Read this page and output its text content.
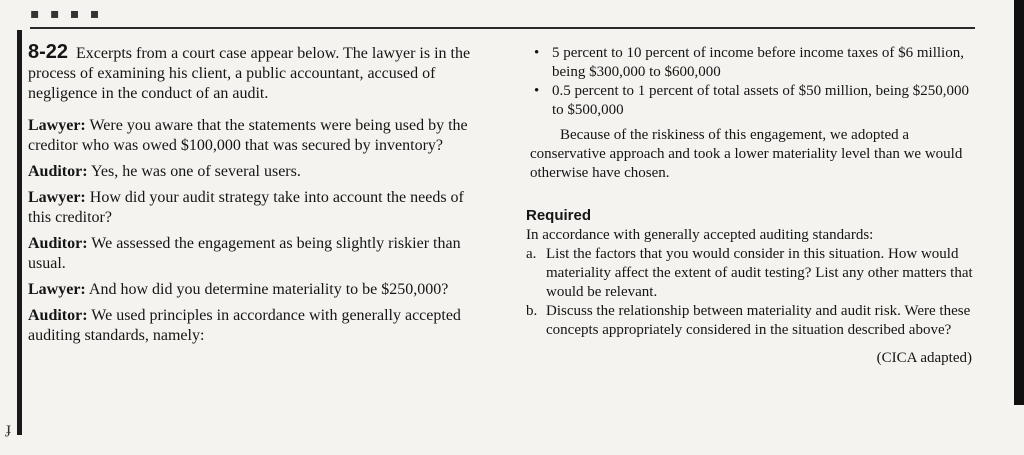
▪ ▪ ▪ ▪
ɟ

8-22 Excerpts from a court case appear below. The lawyer is in the process of examining his client, a public accountant, accused of negligence in the conduct of an audit.

Lawyer: Were you aware that the statements were being used by the creditor who was owed $100,000 that was secured by inventory?

Auditor: Yes, he was one of several users.

Lawyer: How did your audit strategy take into account the needs of this creditor?

Auditor: We assessed the engagement as being slightly riskier than usual.

Lawyer: And how did you determine materiality to be $250,000?

Auditor: We used principles in accordance with generally accepted auditing standards, namely:

• 5 percent to 10 percent of income before income taxes of $6 million, being $300,000 to $600,000
• 0.5 percent to 1 percent of total assets of $50 million, being $250,000 to $500,000

Because of the riskiness of this engagement, we adopted a conservative approach and took a lower materiality level than we would otherwise have chosen.

Required

In accordance with generally accepted auditing standards:

a. List the factors that you would consider in this situation. How would materiality affect the extent of audit testing? List any other matters that would be relevant.
b. Discuss the relationship between materiality and audit risk. Were these concepts appropriately considered in the situation described above?
(CICA adapted)
